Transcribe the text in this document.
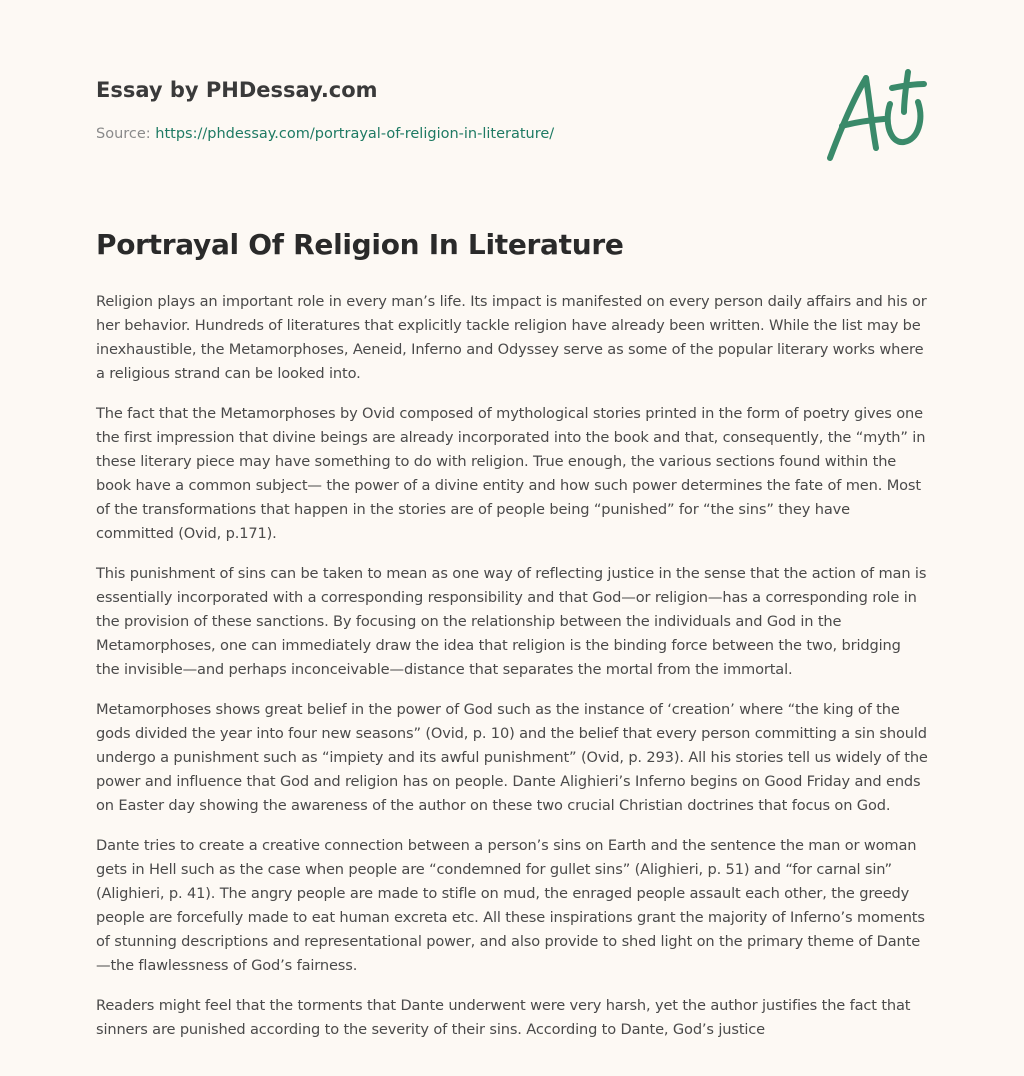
Essay by PHDessay.com
Source: https://phdessay.com/portrayal-of-religion-in-literature/
Portrayal Of Religion In Literature

Religion plays an important role in every man’s life. Its impact is manifested on every person daily affairs and his or her behavior. Hundreds of literatures that explicitly tackle religion have already been written. While the list may be inexhaustible, the Metamorphoses, Aeneid, Inferno and Odyssey serve as some of the popular literary works where a religious strand can be looked into.

The fact that the Metamorphoses by Ovid composed of mythological stories printed in the form of poetry gives one the first impression that divine beings are already incorporated into the book and that, consequently, the “myth” in these literary piece may have something to do with religion. True enough, the various sections found within the book have a common subject— the power of a divine entity and how such power determines the fate of men. Most of the transformations that happen in the stories are of people being “punished” for “the sins” they have committed (Ovid, p.171).

This punishment of sins can be taken to mean as one way of reflecting justice in the sense that the action of man is essentially incorporated with a corresponding responsibility and that God—or religion—has a corresponding role in the provision of these sanctions. By focusing on the relationship between the individuals and God in the Metamorphoses, one can immediately draw the idea that religion is the binding force between the two, bridging the invisible—and perhaps inconceivable—distance that separates the mortal from the immortal.

Metamorphoses shows great belief in the power of God such as the instance of ‘creation’ where “the king of the gods divided the year into four new seasons” (Ovid, p. 10) and the belief that every person committing a sin should undergo a punishment such as “impiety and its awful punishment” (Ovid, p. 293). All his stories tell us widely of the power and influence that God and religion has on people. Dante Alighieri’s Inferno begins on Good Friday and ends on Easter day showing the awareness of the author on these two crucial Christian doctrines that focus on God.

Dante tries to create a creative connection between a person’s sins on Earth and the sentence the man or woman gets in Hell such as the case when people are “condemned for gullet sins” (Alighieri, p. 51) and “for carnal sin” (Alighieri, p. 41). The angry people are made to stifle on mud, the enraged people assault each other, the greedy people are forcefully made to eat human excreta etc. All these inspirations grant the majority of Inferno’s moments of stunning descriptions and representational power, and also provide to shed light on the primary theme of Dante—the flawlessness of God’s fairness.

Readers might feel that the torments that Dante underwent were very harsh, yet the author justifies the fact that sinners are punished according to the severity of their sins. According to Dante, God’s justice
